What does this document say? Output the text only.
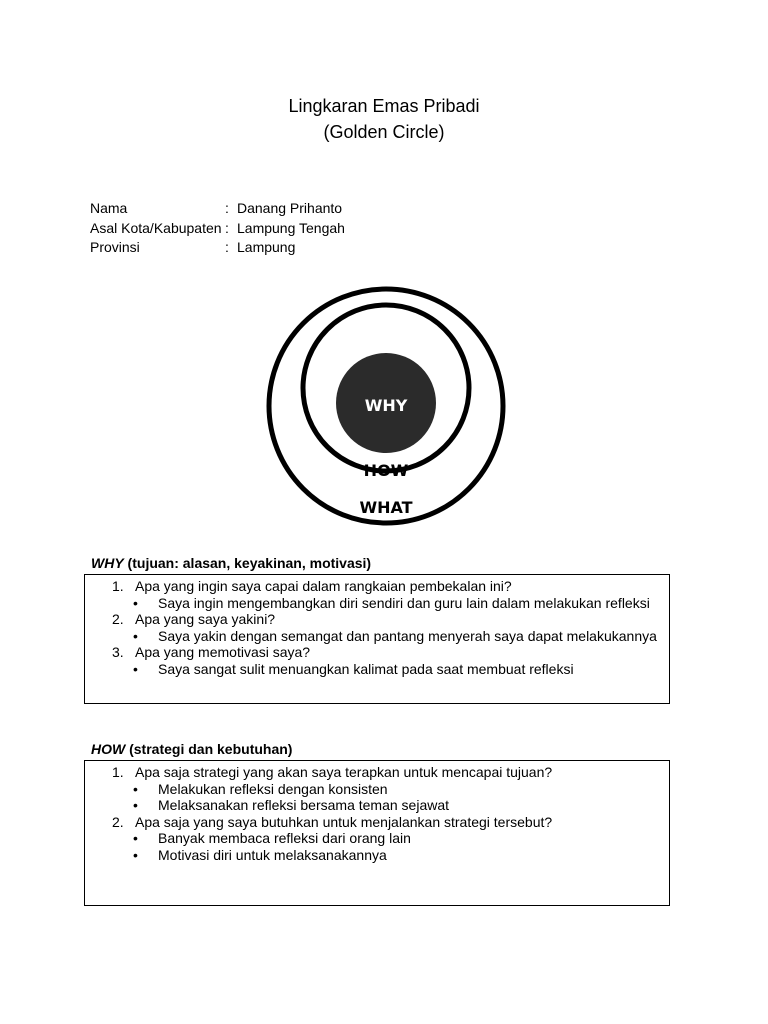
Lingkaran Emas Pribadi
(Golden Circle)
Nama	: Danang Prihanto
Asal Kota/Kabupaten : Lampung Tengah
Provinsi	: Lampung
WHY
HOW
WHAT
WHY (tujuan: alasan, keyakinan, motivasi)
1. Apa yang ingin saya capai dalam rangkaian pembekalan ini?
• Saya ingin mengembangkan diri sendiri dan guru lain dalam melakukan refleksi
2. Apa yang saya yakini?
• Saya yakin dengan semangat dan pantang menyerah saya dapat melakukannya
3. Apa yang memotivasi saya?
• Saya sangat sulit menuangkan kalimat pada saat membuat refleksi
HOW (strategi dan kebutuhan)
1. Apa saja strategi yang akan saya terapkan untuk mencapai tujuan?
• Melakukan refleksi dengan konsisten
• Melaksanakan refleksi bersama teman sejawat
2. Apa saja yang saya butuhkan untuk menjalankan strategi tersebut?
• Banyak membaca refleksi dari orang lain
• Motivasi diri untuk melaksanakannya
